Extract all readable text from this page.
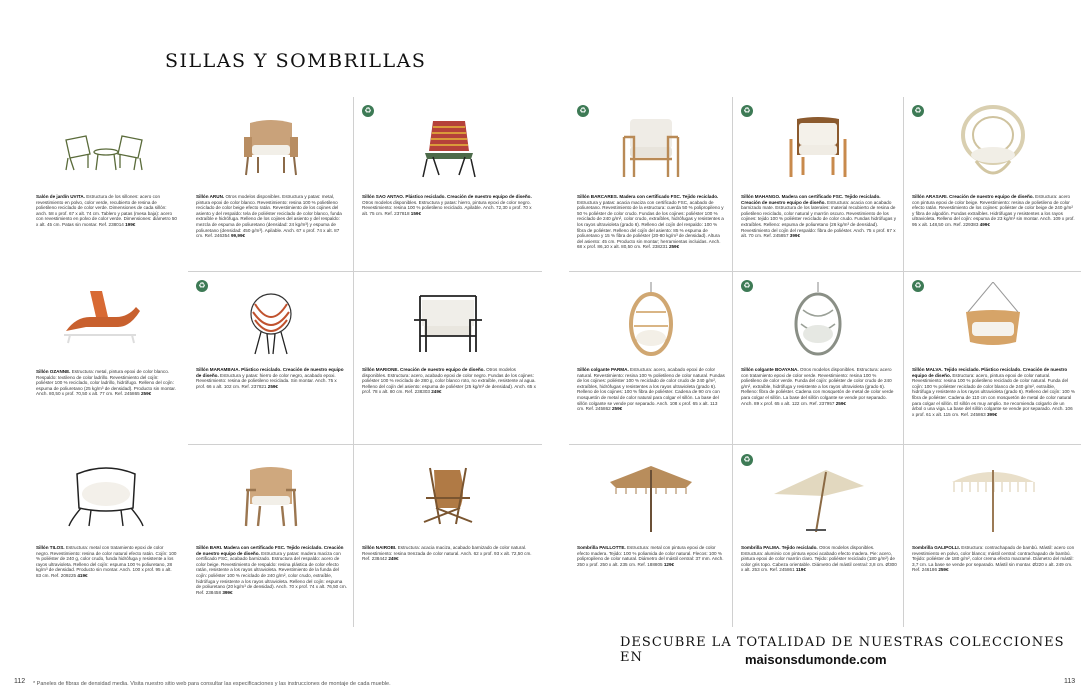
SILLAS Y SOMBRILLAS
Salón de jardín UVITA. Estructura de los sillones: acero con revestimiento en polvo, color verde, recubierto de resina de polietileno reciclado de color verde. Dimensiones de cada sillón: anch. 58 x prof. 67 x alt. 74 cm. Tablero y patas (mesa baja): acero con revestimiento en polvo de color verde. Dimensiones: diámetro 50 x alt. 45 cm. Patas sin montar. Ref. 238014 199€
Sillón ARUN. Otros modelos disponibles. Estructura y patas: metal, pintura epoxi de color blanco. Revestimiento: resina 100 % polietileno reciclado de color beige efecto ratán. Revestimiento de los cojines del asiento y del respaldo: tela de poliéster reciclado de color blanco, funda extraíble e hidrófuga. Relleno de los cojines del asiento y del respaldo: mezcla de espuma de poliuretano (densidad: 24 kg/m³) y espuma de poliuretano (densidad: 450 g/m³). Apilable. Anch. 67 x prof. 74 x alt. 87 cm. Ref. 246354 99,99€
♻
Sillón SAO ANTAO. Plástico reciclado. Creación de nuestro equipo de diseño. Otros modelos disponibles. Estructura y patas: hierro, pintura epoxi de color negro. Revestimiento: resina 100 % polietileno reciclado. Apilable. Anch. 72,30 x prof. 70 x alt. 75 cm. Ref. 237818 159€
Sillón OZANNE. Estructura: metal, pintura epoxi de color blanco. Respaldo: textileno de color ladrillo. Revestimiento del cojín: poliéster 100 % reciclado, color ladrillo, hidrófugo. Relleno del cojín: espuma de poliuretano (25 kg/m³ de densidad). Producto sin montar. Anch. 80,50 x prof. 70,50 x alt. 77 cm. Ref. 245865 259€
♻
Sillón MARAMBAIA. Plástico reciclado. Creación de nuestro equipo de diseño. Estructura y patas: hierro de color negro, acabado epoxi. Revestimiento: resina de polietileno reciclada. Sin montar. Anch. 75 x prof. 66 x alt. 102 cm. Ref. 237821 259€
Sillón MARIONE. Creación de nuestro equipo de diseño. Otros modelos disponibles. Estructura: acero, acabado epoxi de color negro. Fundas de los cojines: poliéster 100 % reciclado de 280 g, color blanco roto, no extraíble, resistente al agua. Relleno del cojín del asiento: espuma de poliéster (25 kg/m³ de densidad). Anch. 65 x prof. 78 x alt. 80 cm. Ref. 238303 249€
Sillón TILOS. Estructura: metal con tratamiento epoxi de color negro. Revestimiento: resina de color natural efecto ratán. Cojín: 100 % poliéster de 240 g, color crudo, funda hidrófuga y resistente a los rayos ultravioleta. Relleno del cojín: espuma 100 % poliuretano, 28 kg/m³ de densidad. Producto sin montar. Anch. 100 x prof. 95 x alt. 83 cm. Ref. 209225 419€
Sillón BARI. Madera con certificado FSC. Tejido reciclado. Creación de nuestro equipo de diseño. Estructura y patas: madera maciza con certificado FSC, acabado barnizado. Estructura del respaldo: acero de color beige. Revestimiento de respaldo: resina plástica de color efecto ratán, resistente a los rayos ultravioleta. Revestimiento de la funda del cojín: poliéster 100 % reciclado de 240 g/m², color crudo, extraíble, hidrófuga y resistente a los rayos ultravioleta. Relleno del cojín: espuma de poliuretano (20 kg/m³ de densidad). Anch. 70 x prof. 74 x alt. 76,50 cm. Ref. 238458 399€
Sillón NAIROBI. Estructura: acacia maciza, acabado barnizado de color natural. Revestimiento: resina trenzada de color natural. Anch. 62 x prof. 93 x alt. 72,50 cm. Ref. 238442 249€
♻
Sillón BARCARES. Madera con certificado FSC. Tejido reciclado. Estructura y patas: acacia maciza con certificado FSC, acabado de poliuretano. Revestimiento de la estructura: cuerda 50 % polipropileno y 50 % poliéster de color crudo. Fundas de los cojines: poliéster 100 % reciclado de 240 g/m², color crudo, extraíbles, hidrófugas y resistentes a los rayos ultravioleta (grado 6). Relleno del cojín del respaldo: 100 % fibra de poliéster. Relleno del cojín del asiento: 85 % espuma de poliuretano y 15 % fibra de poliéster (20-80 kg/m³ de densidad). Altura del asiento: 45 cm. Producto sin montar; herramientas incluidas. Anch. 68 x prof. 86,10 x alt. 80,50 cm. Ref. 238231 259€
♻
Sillón MAHANGO. Madera con certificado FSC. Tejido reciclado. Creación de nuestro equipo de diseño. Estructura: acacia con acabado barnizado mate. Estructura de los laterales: material recubierto de resina de polietileno reciclado, color natural y marrón oscuro. Revestimiento de los cojines: tejido 100 % poliéster reciclado de color crudo. Fundas hidrófugas y extraíbles. Relleno: espuma de poliuretano (26 kg/m³ de densidad). Revestimiento del cojín del respaldo: fibra de poliéster. Anch. 75 x prof. 67 x alt. 70 cm. Ref. 245857 399€
♻
Sillón ARASARI. Creación de nuestro equipo de diseño. Estructura: acero con pintura epoxi de color beige. Revestimiento: resina de polietileno de color efecto ratán. Revestimiento de los cojines: poliéster de color beige de 240 g/m² y fibra de algodón. Fundas extraíbles. Hidrófugas y resistentes a los rayos ultravioleta. Relleno del cojín: espuma de 23 kg/m³ sin montar. Anch. 109 x prof. 95 x alt. 148,50 cm. Ref. 229383 499€
Sillón colgante PARMA. Estructura: acero, acabado epoxi de color natural. Revestimiento: resina 100 % polietileno de color natural. Fundas de los cojines: poliéster 100 % reciclado de color crudo de 240 g/m², extraíbles, hidrófugas y resistentes a los rayos ultravioleta (grado 6). Relleno de los cojines: 100 % fibra de poliéster. Cadena de 90 cm con mosquetón de metal de color natural para colgar el sillón. La base del sillón colgante se vende por separado. Anch. 108 x prof. 65 x alt. 113 cm. Ref. 245862 259€
♻
Sillón colgante BOAYANA. Otros modelos disponibles. Estructura: acero con tratamiento epoxi de color verde. Revestimiento: resina 100 % polietileno de color verde. Funda del cojín: poliéster de color crudo de 240 g/m², extraíble, hidrófuga y resistente a los rayos ultravioleta (grado 6). Relleno: fibra de poliéster. Cadena con mosquetón de metal de color verde para colgar el sillón. La base del sillón colgante se vende por separado. Anch. 89 x prof. 65 x alt. 122 cm. Ref. 237957 259€
♻
Sillón MALVA. Tejido reciclado. Plástico reciclado. Creación de nuestro equipo de diseño. Estructura: acero, pintura epoxi de color natural. Revestimiento: resina 100 % polietileno reciclado de color natural. Funda del cojín: 100 % poliéster reciclado de color blanco de 240 g/m², extraíble, hidrófuga y resistente a los rayos ultravioleta (grado 6). Relleno del cojín: 100 % fibra de poliéster. Cadena de 110 cm con mosquetón de metal de color natural para colgar el sillón. El sillón es muy amplio. Se recomienda colgarlo de un árbol o una viga. La base del sillón colgante se vende por separado. Anch. 106 x prof. 61 x alt. 115 cm. Ref. 245863 399€
Sombrilla PAILLOTTE. Estructura: metal con pintura epoxi de color efecto madera. Tejido: 100 % poliamida de color natural. Flecos: 100 % polipropileno de color natural. Diámetro del mástil central: 37 mm. Anch. 250 x prof. 250 x alt. 235 cm. Ref. 188805 129€
♻
Sombrilla PALMA. Tejido reciclado. Otros modelos disponibles. Estructura: aluminio con pintura epoxi acabado efecto madera. Pie: acero, pintura epoxi de color marrón claro. Tejido: poliéster reciclado (180 g/m²) de color gris topo. Cabeza orientable. Diámetro del mástil central: 3,8 cm. Ø300 x alt. 253 cm. Ref. 245861 119€
Sombrilla GALIPOLLI. Estructura: contrachapado de bambú. Mástil: acero con revestimiento en polvo, color blanco; mástil central: contrachapado de bambú. Tejido: poliéster de 180 g/m², color crema efecto macramé. Diámetro del mástil: 3,7 cm. La base se vende por separado. Mástil sin montar. Ø220 x alt. 249 cm. Ref. 246186 259€
DESCUBRE LA TOTALIDAD DE NUESTRAS COLECCIONES EN	maisonsdumonde.com
112	113
* Paneles de fibras de densidad media. Visita nuestro sitio web para consultar las especificaciones y las instrucciones de montaje de cada mueble.
